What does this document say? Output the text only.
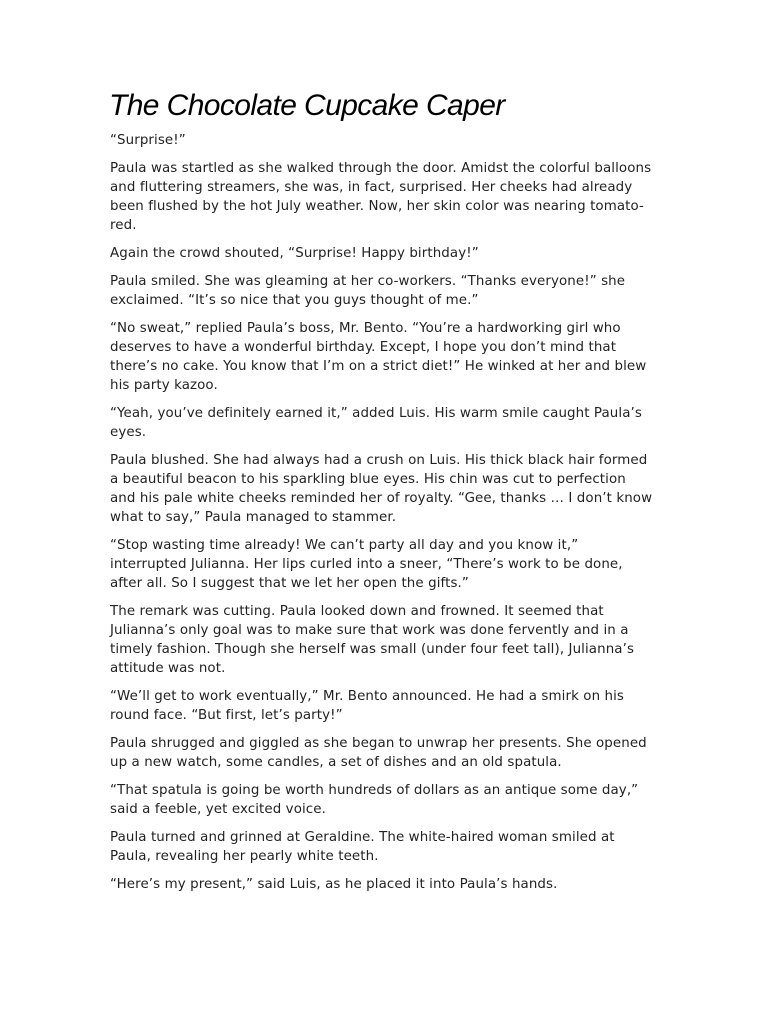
The Chocolate Cupcake Caper

“Surprise!”

Paula was startled as she walked through the door. Amidst the colorful balloons and fluttering streamers, she was, in fact, surprised. Her cheeks had already been flushed by the hot July weather. Now, her skin color was nearing tomato-red.

Again the crowd shouted, “Surprise! Happy birthday!”

Paula smiled. She was gleaming at her co-workers. “Thanks everyone!” she exclaimed. “It’s so nice that you guys thought of me.”

“No sweat,” replied Paula’s boss, Mr. Bento. “You’re a hardworking girl who deserves to have a wonderful birthday. Except, I hope you don’t mind that there’s no cake. You know that I’m on a strict diet!” He winked at her and blew his party kazoo.

“Yeah, you’ve definitely earned it,” added Luis. His warm smile caught Paula’s eyes.

Paula blushed. She had always had a crush on Luis. His thick black hair formed a beautiful beacon to his sparkling blue eyes. His chin was cut to perfection and his pale white cheeks reminded her of royalty. “Gee, thanks … I don’t know what to say,” Paula managed to stammer.

“Stop wasting time already! We can’t party all day and you know it,” interrupted Julianna. Her lips curled into a sneer, “There’s work to be done, after all. So I suggest that we let her open the gifts.”

The remark was cutting. Paula looked down and frowned. It seemed that Julianna’s only goal was to make sure that work was done fervently and in a timely fashion. Though she herself was small (under four feet tall), Julianna’s attitude was not.

“We’ll get to work eventually,” Mr. Bento announced. He had a smirk on his round face. “But first, let’s party!”

Paula shrugged and giggled as she began to unwrap her presents. She opened up a new watch, some candles, a set of dishes and an old spatula.

“That spatula is going be worth hundreds of dollars as an antique some day,” said a feeble, yet excited voice.

Paula turned and grinned at Geraldine. The white-haired woman smiled at Paula, revealing her pearly white teeth.

“Here’s my present,” said Luis, as he placed it into Paula’s hands.
